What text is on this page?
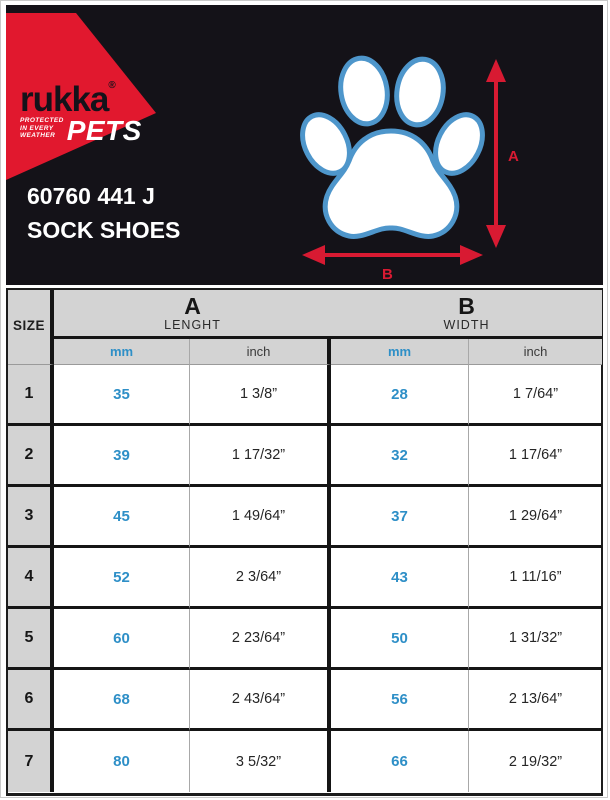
A
B
rukka®
PROTECTED
IN EVERY
WEATHER PETS
60760 441 J
SOCK SHOES
SIZE
A
LENGHT
B
WIDTH
mm	inch	mm	inch
1	35	1 3/8”	28	1 7/64”
2	39	1 17/32”	32	1 17/64”
3	45	1 49/64”	37	1 29/64”
4	52	2 3/64”	43	1 11/16”
5	60	2 23/64”	50	1 31/32”
6	68	2 43/64”	56	2 13/64”
7	80	3 5/32”	66	2 19/32”
